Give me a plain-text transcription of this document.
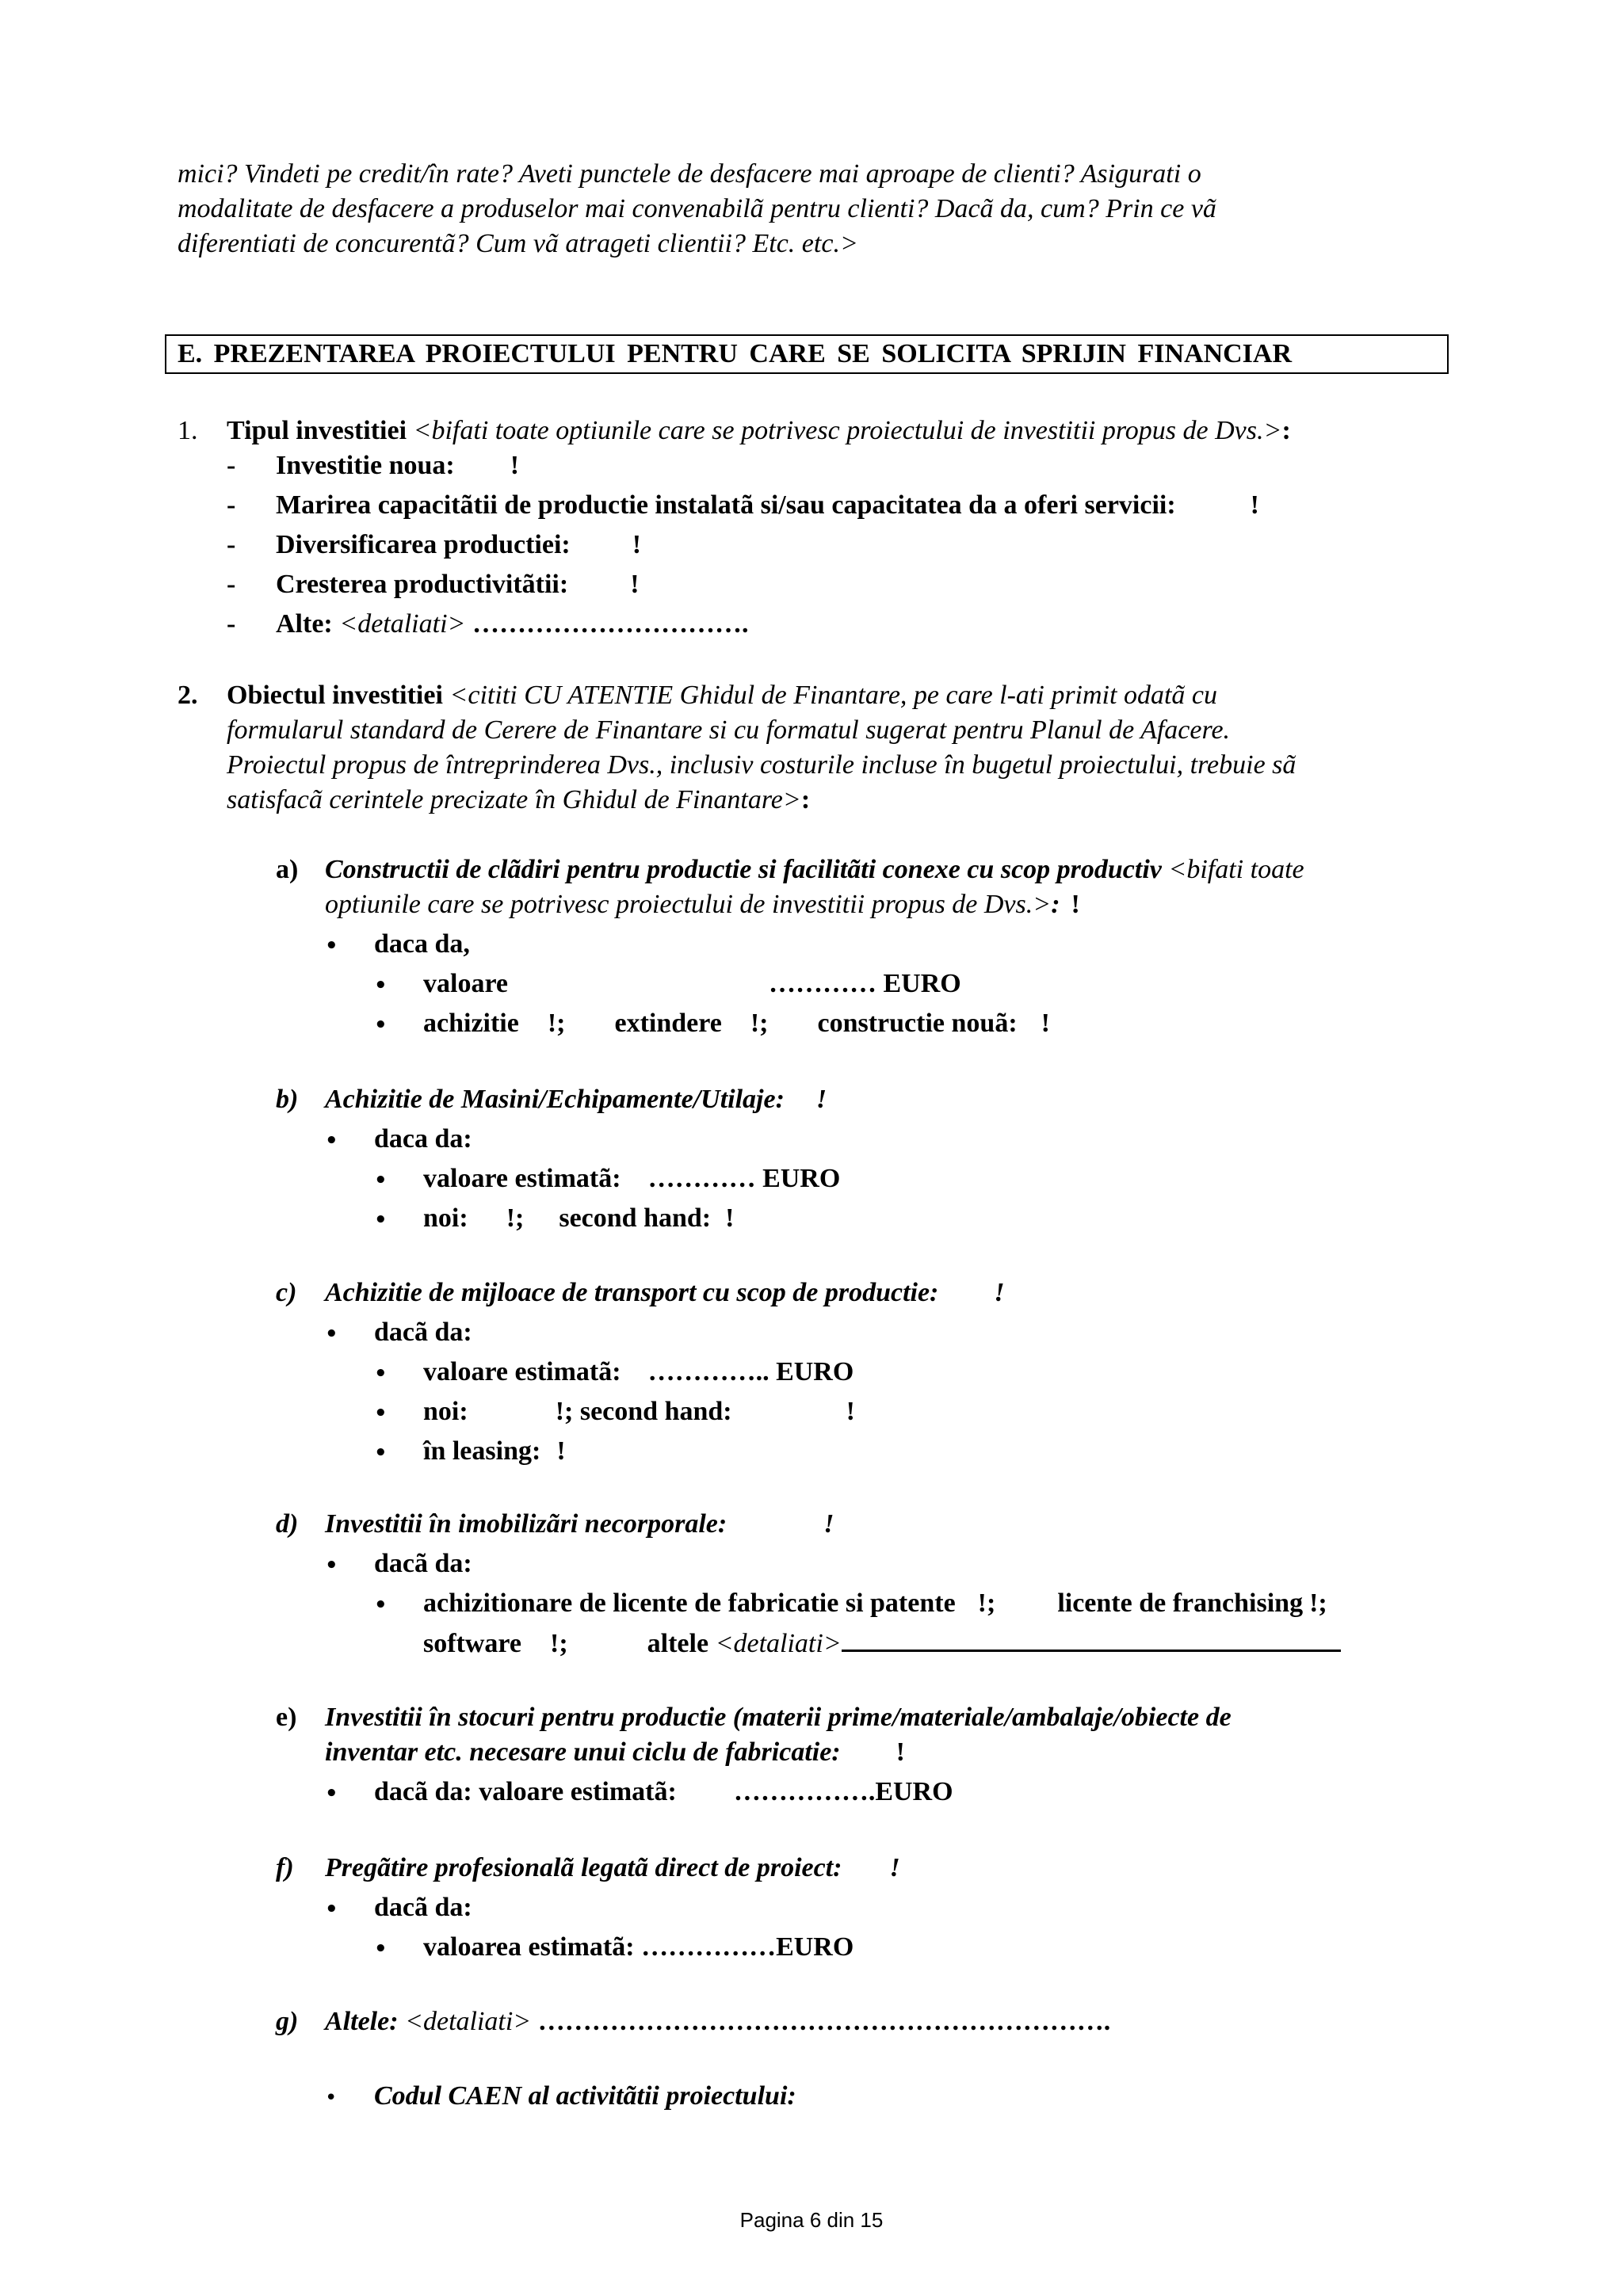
mici? Vindeti pe credit/în rate? Aveti punctele de desfacere mai aproape de clienti? Asigurati o

modalitate de desfacere a produselor mai convenabilã pentru clienti? Dacã da, cum? Prin ce vã

diferentiati de concurentã? Cum vã atrageti clientii? Etc. etc.>

E. PREZENTAREA PROIECTULUI PENTRU CARE SE SOLICITA SPRIJIN FINANCIAR
1. Tipul investitiei <bifati toate optiunile care se potrivesc proiectului de investitii propus de Dvs.>:
- Investitie noua: !
- Marirea capacitãtii de productie instalatã si/sau capacitatea da a oferi servicii:	!
- Diversificarea productiei: !
- Cresterea productivitãtii: !
- Alte: <detaliati> ………………………….
2. Obiectul investitiei <cititi CU ATENTIE Ghidul de Finantare, pe care l-ati primit odatã cu
formularul standard de Cerere de Finantare si cu formatul sugerat pentru Planul de Afacere.
Proiectul propus de întreprinderea Dvs., inclusiv costurile incluse în bugetul proiectului, trebuie sã
satisfacã cerintele precizate în Ghidul de Finantare>:
a) Constructii de clãdiri pentru productie si facilitãti conexe cu scop productiv <bifati toate
optiunile care se potrivesc proiectului de investitii propus de Dvs.>: !
• daca da,
• valoare	………… EURO
• achizitie !; extindere !; constructie nouã: !
b) Achizitie de Masini/Echipamente/Utilaje: !
• daca da:
• valoare estimatã:    ………… EURO
• noi: !; second hand: !
c) Achizitie de mijloace de transport cu scop de productie: !
• dacã da:
• valoare estimatã:    ………….. EURO
• noi:	!; second hand:	!
• în leasing: !
d) Investitii în imobilizãri necorporale:	!
• dacã da:
• achizitionare de licente de fabricatie si patente !; licente de franchising !;
software !;	altele <detaliati>
e) Investitii în stocuri pentru productie (materii prime/materiale/ambalaje/obiecte de
inventar etc. necesare unui ciclu de fabricatie: !
• dacã da: valoare estimatã: …………….EURO
f) Pregãtire profesionalã legatã direct de proiect: !
• dacã da:
• valoarea estimatã: ……………EURO
g) Altele: <detaliati> ……………………………………………………….
• Codul CAEN al activitãtii proiectului:
Pagina 6 din 15
